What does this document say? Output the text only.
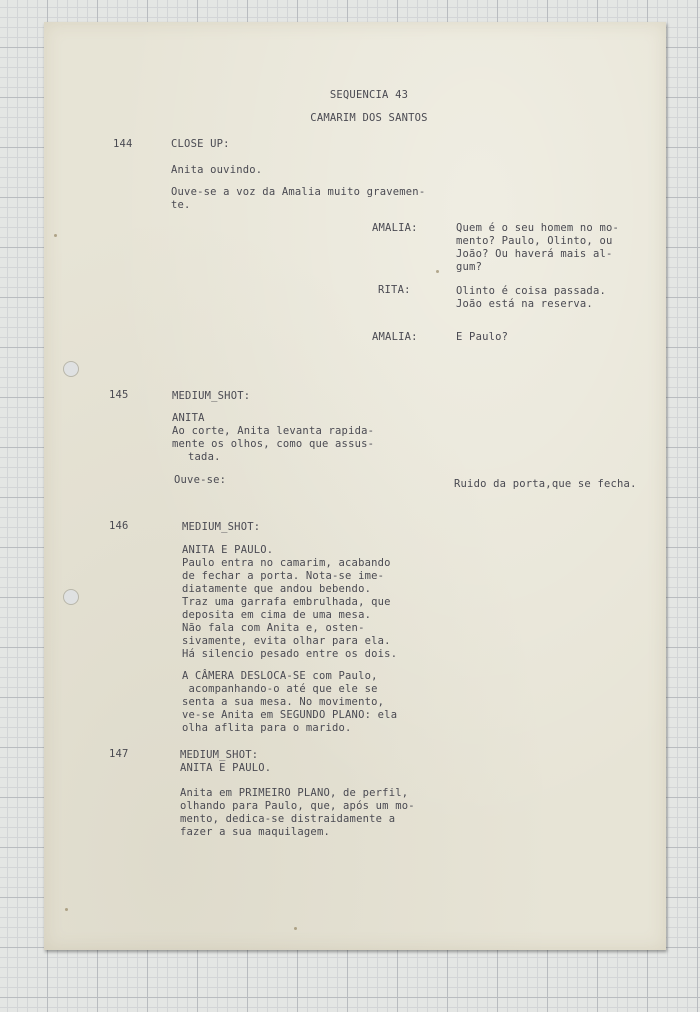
SEQUENCIA 43
CAMARIM DOS SANTOS
144	CLOSE UP:
Anita ouvindo.
Ouve-se a voz da Amalia muito gravemen-
te.
AMALIA:	Quem é o seu homem no mo-
mento? Paulo, Olinto, ou
João? Ou haverá mais al-
gum?
RITA:	Olinto é coisa passada.
João está na reserva.
AMALIA:	E Paulo?
145	MEDIUM_SHOT:
ANITA
Ao corte, Anita levanta rapida-
mente os olhos, como que assus-
tada.
Ouve-se:	Ruido da porta,que se fecha.
146	MEDIUM_SHOT:
ANITA E PAULO.
Paulo entra no camarim, acabando
de fechar a porta. Nota-se ime-
diatamente que andou bebendo.
Traz uma garrafa embrulhada, que
deposita em cima de uma mesa.
Não fala com Anita e, osten-
sivamente, evita olhar para ela.
Há silencio pesado entre os dois.
A CÂMERA DESLOCA-SE com Paulo,
acompanhando-o até que ele se
senta a sua mesa. No movimento,
ve-se Anita em SEGUNDO PLANO: ela
olha aflita para o marido.
147	MEDIUM_SHOT:
ANITA E PAULO.
Anita em PRIMEIRO PLANO, de perfil,
olhando para Paulo, que, após um mo-
mento, dedica-se distraidamente a
fazer a sua maquilagem.
